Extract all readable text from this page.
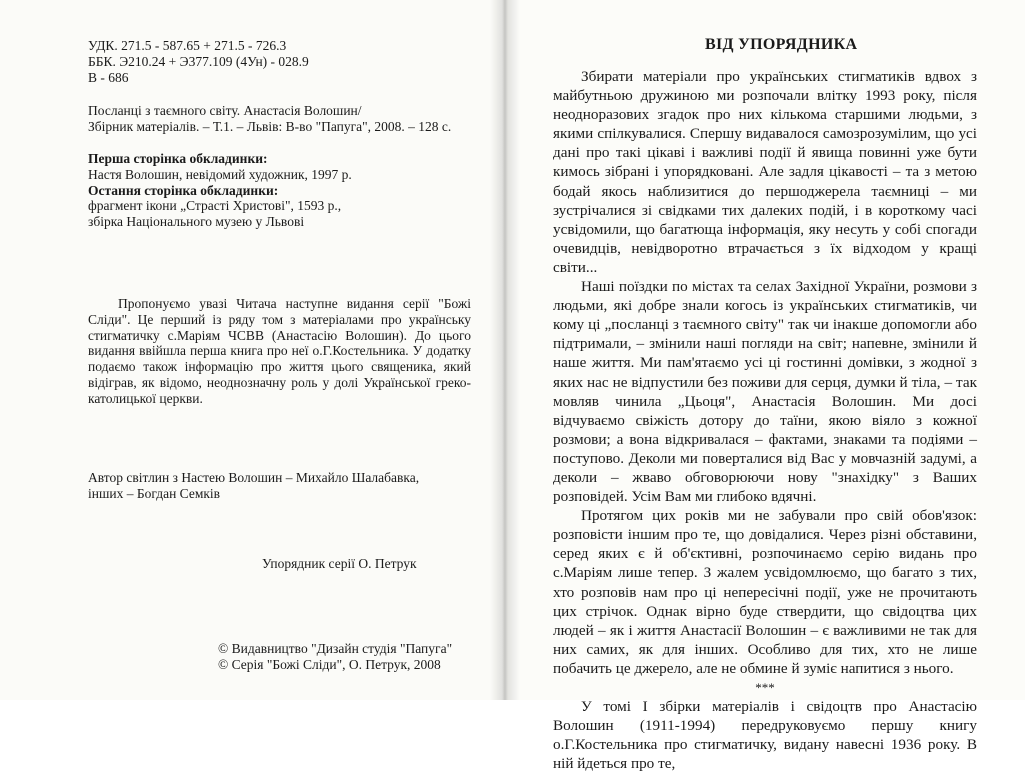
УДК. 271.5 - 587.65 + 271.5 - 726.3

ББК. Э210.24 + Э377.109 (4Ун) - 028.9

В - 686

Посланці з таємного світу. Анастасія Волошин/

Збірник матеріалів. – Т.1. – Львів: В-во "Папуга", 2008. – 128 с.

Перша сторінка обкладинки:

Настя Волошин, невідомий художник, 1997 р.

Остання сторінка обкладинки:

фрагмент ікони „Страсті Христові", 1593 р.,

збірка Національного музею у Львові

Пропонуємо увазі Читача наступне видання серії "Божі Сліди". Це перший із ряду том з матеріалами про українську стигматичку с.Марiям ЧСВВ (Анастасію Волошин). До цього видання ввійшла перша книга про неї о.Г.Костельника. У додатку подаємо також інформацію про життя цього священика, який відіграв, як відомо, неоднозначну роль у долі Української греко-католицької церкви.

Автор світлин з Настею Волошин – Михайло Шалабавка,

інших – Богдан Семків

Упорядник серії О. Петрук

© Видавництво "Дизайн студія "Папуга"

© Серія "Божі Сліди", О. Петрук, 2008

ВІД УПОРЯДНИКА

Збирати матеріали про українських стигматиків вдвох з майбутньою дружиною ми розпочали влітку 1993 року, після неодноразових згадок про них кількома старшими людьми, з якими спілкувалися. Спершу видавалося самозрозумілим, що усі дані про такі цікаві і важливі події й явища повинні уже бути кимось зібрані і упорядковані. Але задля цікавості – та з метою бодай якось наблизитися до першоджерела таємниці – ми зустрічалися зі свідками тих далеких подій, і в короткому часі усвідомили, що багатюща інформація, яку несуть у собі спогади очевидців, невідворотно втрачається з їх відходом у кращі світи...

Наші поїздки по містах та селах Західної України, розмови з людьми, які добре знали когось із українських стигматиків, чи кому ці „посланці з таємного світу" так чи інакше допомогли або підтримали, – змінили наші погляди на світ; напевне, змінили й наше життя. Ми пам'ятаємо усі ці гостинні домівки, з жодної з яких нас не відпустили без поживи для серця, думки й тіла, – так мовляв чинила „Цьоця", Анастасія Волошин. Ми досі відчуваємо свіжість дотору до таїни, якою віяло з кожної розмови; а вона відкривалася – фактами, знаками та подіями – поступово. Деколи ми поверталися від Вас у мовчазній задумі, а деколи – жваво обговорюючи нову "знахідку" з Ваших розповідей. Усім Вам ми глибоко вдячні.

Протягом цих років ми не забували про свій обов'язок: розповісти іншим про те, що довідалися. Через різні обставини, серед яких є й об'єктивні, розпочинаємо серію видань про с.Марiям лише тепер. З жалем усвідомлюємо, що багато з тих, хто розповів нам про ці непересічні події, уже не прочитають цих стрічок. Однак вірно буде ствердити, що свідоцтва цих людей – як і життя Анастасії Волошин – є важливими не так для них самих, як для інших. Особливо для тих, хто не лише побачить це джерело, але не обмине й зуміє напитися з нього.

***

У томі І збірки матеріалів і свідоцтв про Анастасію Волошин (1911-1994) передруковуємо першу книгу о.Г.Костельника про стигматичку, видану навесні 1936 року. В ній йдеться про те,
